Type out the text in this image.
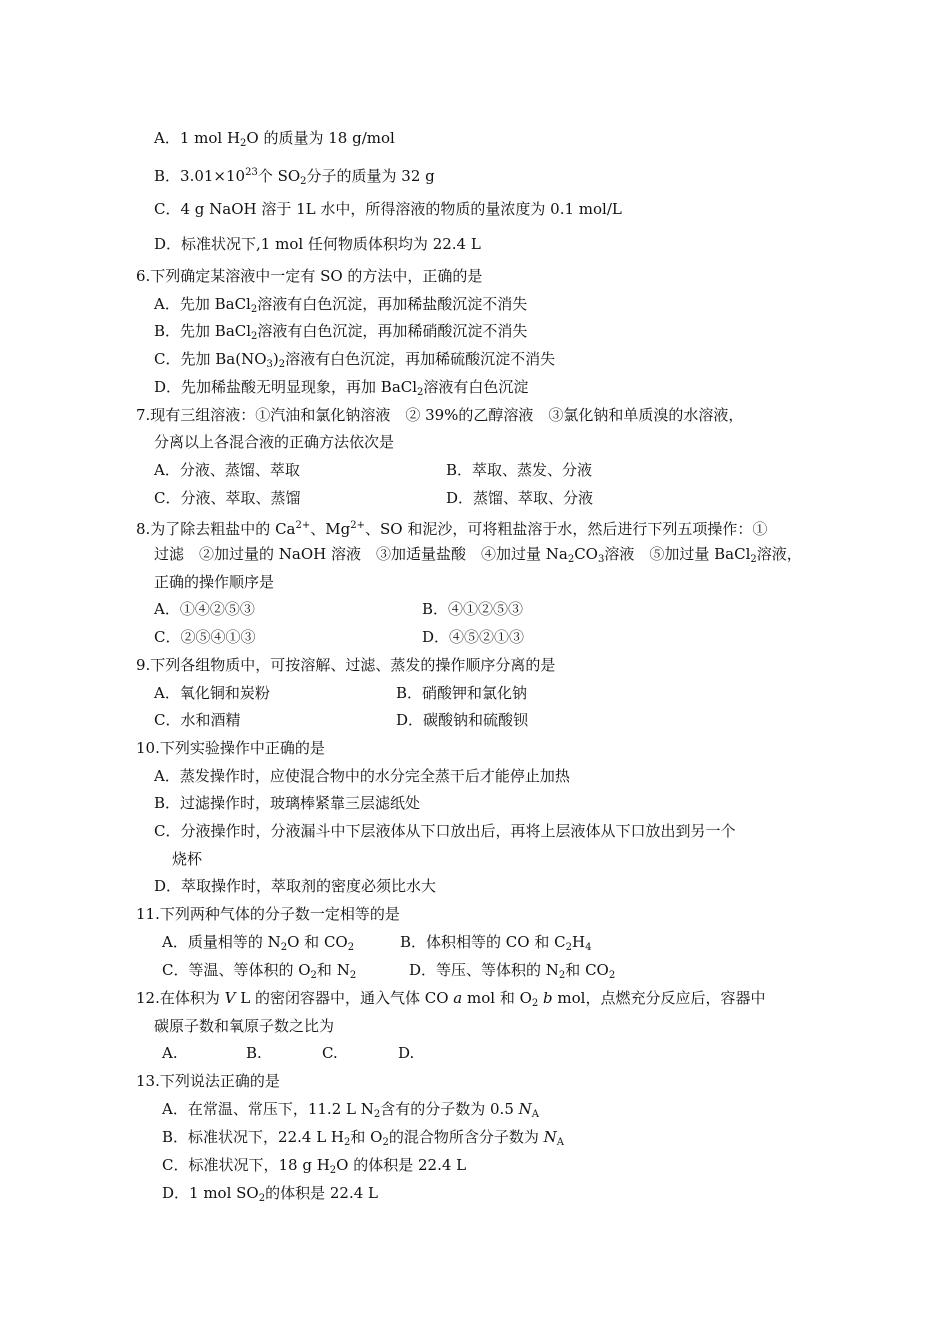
A．1 mol $H_2O$ 的质量为 18 g/mol
B．$3.01\times 10^{23}$个 $SO_2$分子的质量为 32 g
C．4 g NaOH 溶于 1L 水中，所得溶液的物质的量浓度为 0.1 mol/L
D．标准状况下,1 mol 任何物质体积均为 22.4 L
6.下列确定某溶液中一定有 SO 的方法中，正确的是
A．先加 BaCl$_2$溶液有白色沉淀，再加稀盐酸沉淀不消失
B．先加 BaCl$_2$溶液有白色沉淀，再加稀硝酸沉淀不消失
C．先加 $Ba(NO_3)_2$溶液有白色沉淀，再加稀硫酸沉淀不消失
D．先加稀盐酸无明显现象，再加 BaCl$_2$溶液有白色沉淀
7.现有三组溶液：①汽油和氯化钠溶液　② 39%的乙醇溶液　③氯化钠和单质溴的水溶液，
分离以上各混合液的正确方法依次是
A．分液、蒸馏、萃取	B．萃取、蒸发、分液
C．分液、萃取、蒸馏	D．蒸馏、萃取、分液
8.为了除去粗盐中的 $Ca^{2+}$、$Mg^{2+}$、SO 和泥沙，可将粗盐溶于水，然后进行下列五项操作：①
过滤　②加过量的 NaOH 溶液　③加适量盐酸　④加过量 $Na_2CO_3$溶液　⑤加过量 BaCl$_2$溶液，
正确的操作顺序是
A．①④②⑤③	B．④①②⑤③
C．②⑤④①③	D．④⑤②①③
9.下列各组物质中，可按溶解、过滤、蒸发的操作顺序分离的是
A．氧化铜和炭粉	B．硝酸钾和氯化钠
C．水和酒精	D．碳酸钠和硫酸钡
10.下列实验操作中正确的是
A．蒸发操作时，应使混合物中的水分完全蒸干后才能停止加热
B．过滤操作时，玻璃棒紧靠三层滤纸处
C．分液操作时，分液漏斗中下层液体从下口放出后，再将上层液体从下口放出到另一个
烧杯
D．萃取操作时，萃取剂的密度必须比水大
11.下列两种气体的分子数一定相等的是
A．质量相等的 $N_2O$ 和 $CO_2$	B．体积相等的 CO 和 $C_2H_4$
C．等温、等体积的 $O_2$和 $N_2$	D．等压、等体积的 $N_2$和 $CO_2$
12.在体积为 V L 的密闭容器中，通入气体 CO a mol 和 $O_2$ b mol，点燃充分反应后，容器中
碳原子数和氧原子数之比为
A.	B.	C.	D.
13.下列说法正确的是
A．在常温、常压下，11.2 L $N_2$含有的分子数为 0.5 $N_A$
B．标准状况下，22.4 L $H_2$和 $O_2$的混合物所含分子数为 $N_A$
C．标准状况下，18 g $H_2O$ 的体积是 22.4 L
D．1 mol $SO_2$的体积是 22.4 L
